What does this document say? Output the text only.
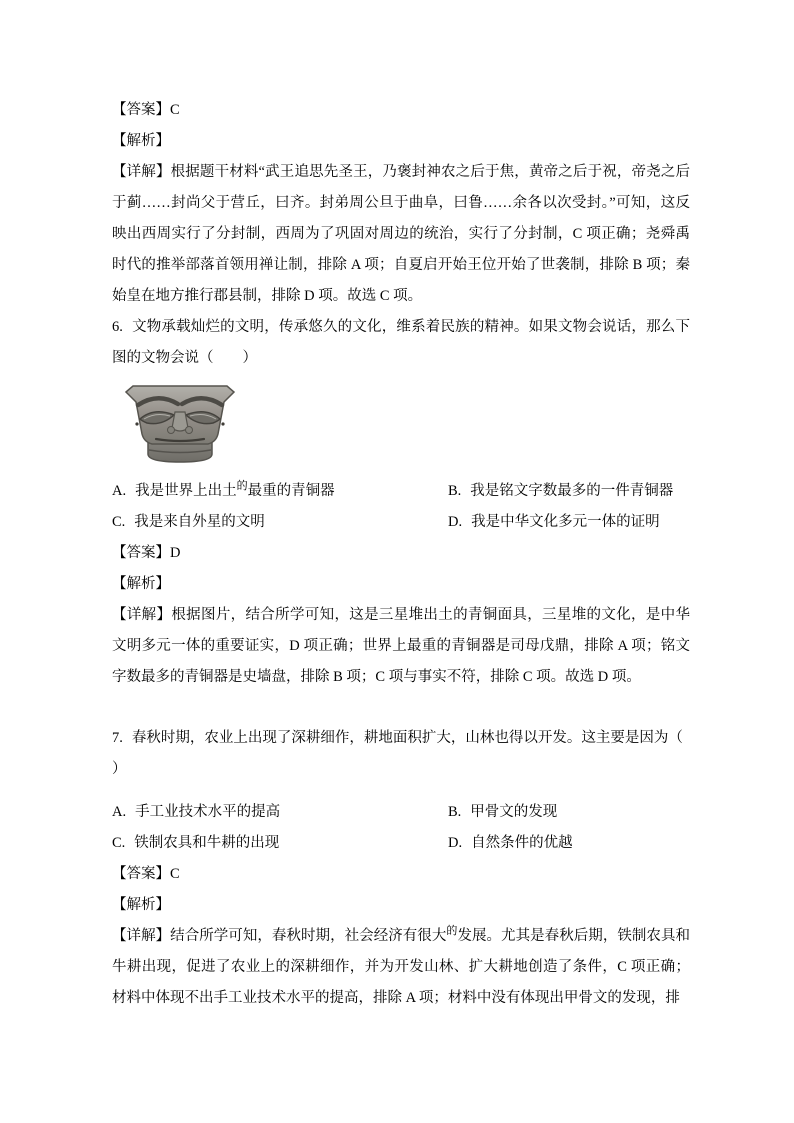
【答案】C

【解析】

【详解】根据题干材料“武王追思先圣王，乃褒封神农之后于焦，黄帝之后于祝，帝尧之后于蓟……封尚父于营丘，曰齐。封弟周公旦于曲阜，曰鲁……余各以次受封。”可知，这反映出西周实行了分封制，西周为了巩固对周边的统治，实行了分封制，C 项正确；尧舜禹时代的推举部落首领用禅让制，排除 A 项；自夏启开始王位开始了世袭制，排除 B 项；秦始皇在地方推行郡县制，排除 D 项。故选 C 项。

6. 文物承载灿烂的文明，传承悠久的文化，维系着民族的精神。如果文物会说话，那么下图的文物会说（　　）

A. 我是世界上出土$^的$最重的青铜器	B. 我是铭文字数最多的一件青铜器
C. 我是来自外星的文明	D. 我是中华文化多元一体的证明

【答案】D

【解析】

【详解】根据图片，结合所学可知，这是三星堆出土的青铜面具，三星堆的文化，是中华文明多元一体的重要证实，D 项正确；世界上最重的青铜器是司母戊鼎，排除 A 项；铭文字数最多的青铜器是史墙盘，排除 B 项；C 项与事实不符，排除 C 项。故选 D 项。

7. 春秋时期，农业上出现了深耕细作，耕地面积扩大，山林也得以开发。这主要是因为（

）

A. 手工业技术水平的提高	B. 甲骨文的发现
C. 铁制农具和牛耕的出现	D. 自然条件的优越

【答案】C

【解析】

【详解】结合所学可知，春秋时期，社会经济有很大$^的$发展。尤其是春秋后期，铁制农具和牛耕出现，促进了农业上的深耕细作，并为开发山林、扩大耕地创造了条件，C 项正确；材料中体现不出手工业技术水平的提高，排除 A 项；材料中没有体现出甲骨文的发现，排
